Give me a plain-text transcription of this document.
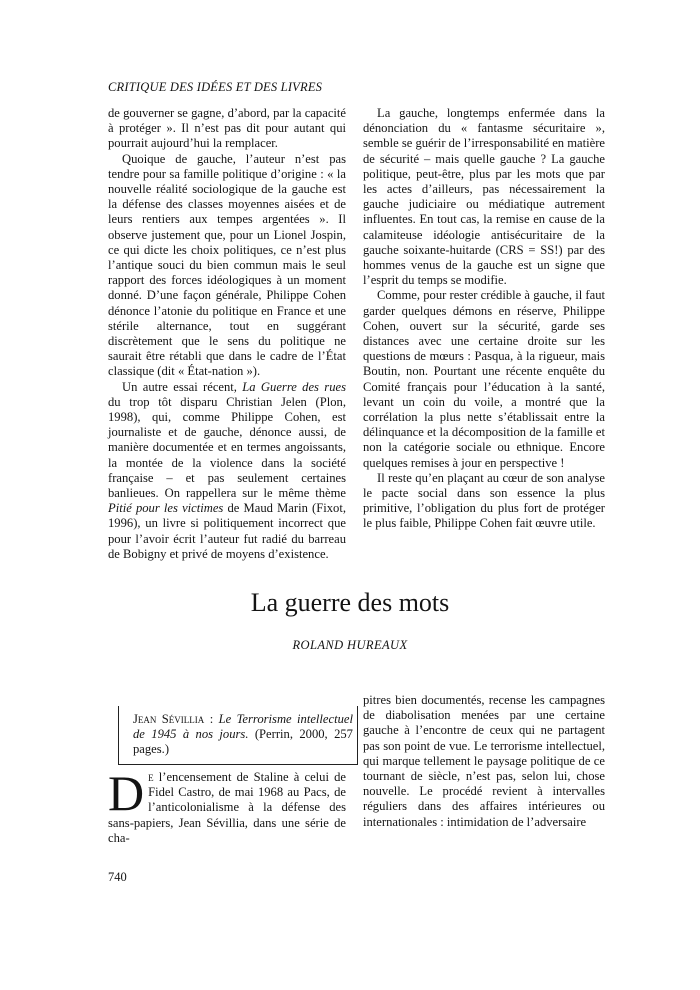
CRITIQUE DES IDÉES ET DES LIVRES

de gouverner se gagne, d’abord, par la capacité à protéger ». Il n’est pas dit pour autant qui pourrait aujourd’hui la remplacer.

Quoique de gauche, l’auteur n’est pas tendre pour sa famille politique d’origine : « la nouvelle réalité sociologique de la gauche est la défense des classes moyennes aisées et de leurs rentiers aux tempes argentées ». Il observe justement que, pour un Lionel Jospin, ce qui dicte les choix politiques, ce n’est plus l’antique souci du bien commun mais le seul rapport des forces idéologiques à un moment donné. D’une façon générale, Philippe Cohen dénonce l’atonie du politique en France et une stérile alternance, tout en suggérant discrètement que le sens du politique ne saurait être rétabli que dans le cadre de l’État classique (dit « État-nation »).

Un autre essai récent, La Guerre des rues du trop tôt disparu Christian Jelen (Plon, 1998), qui, comme Philippe Cohen, est journaliste et de gauche, dénonce aussi, de manière documentée et en termes angoissants, la montée de la violence dans la société française – et pas seulement certaines banlieues. On rappellera sur le même thème Pitié pour les victimes de Maud Marin (Fixot, 1996), un livre si politiquement incorrect que pour l’avoir écrit l’auteur fut radié du barreau de Bobigny et privé de moyens d’existence.

La gauche, longtemps enfermée dans la dénonciation du « fantasme sécuritaire », semble se guérir de l’irresponsabilité en matière de sécurité – mais quelle gauche ? La gauche politique, peut-être, plus par les mots que par les actes d’ailleurs, pas nécessairement la gauche judiciaire ou médiatique autrement influentes. En tout cas, la remise en cause de la calamiteuse idéologie antisécuritaire de la gauche soixante-huitarde (CRS = SS!) par des hommes venus de la gauche est un signe que l’esprit du temps se modifie.

Comme, pour rester crédible à gauche, il faut garder quelques démons en réserve, Philippe Cohen, ouvert sur la sécurité, garde ses distances avec une certaine droite sur les questions de mœurs : Pasqua, à la rigueur, mais Boutin, non. Pourtant une récente enquête du Comité français pour l’éducation à la santé, levant un coin du voile, a montré que la corrélation la plus nette s’établissait entre la délinquance et la décomposition de la famille et non la catégorie sociale ou ethnique. Encore quelques remises à jour en perspective !

Il reste qu’en plaçant au cœur de son analyse le pacte social dans son essence la plus primitive, l’obligation du plus fort de protéger le plus faible, Philippe Cohen fait œuvre utile.

La guerre des mots
ROLAND HUREAUX
Jean Sévillia : Le Terrorisme intellectuel de 1945 à nos jours. (Perrin, 2000, 257 pages.)
De l’encensement de Staline à celui de Fidel Castro, de mai 1968 au Pacs, de l’anticolonialisme à la défense des sans-papiers, Jean Sévillia, dans une série de cha-
pitres bien documentés, recense les campagnes de diabolisation menées par une certaine gauche à l’encontre de ceux qui ne partagent pas son point de vue. Le terrorisme intellectuel, qui marque tellement le paysage politique de ce tournant de siècle, n’est pas, selon lui, chose nouvelle. Le procédé revient à intervalles réguliers dans des affaires intérieures ou internationales : intimidation de l’adversaire
740
